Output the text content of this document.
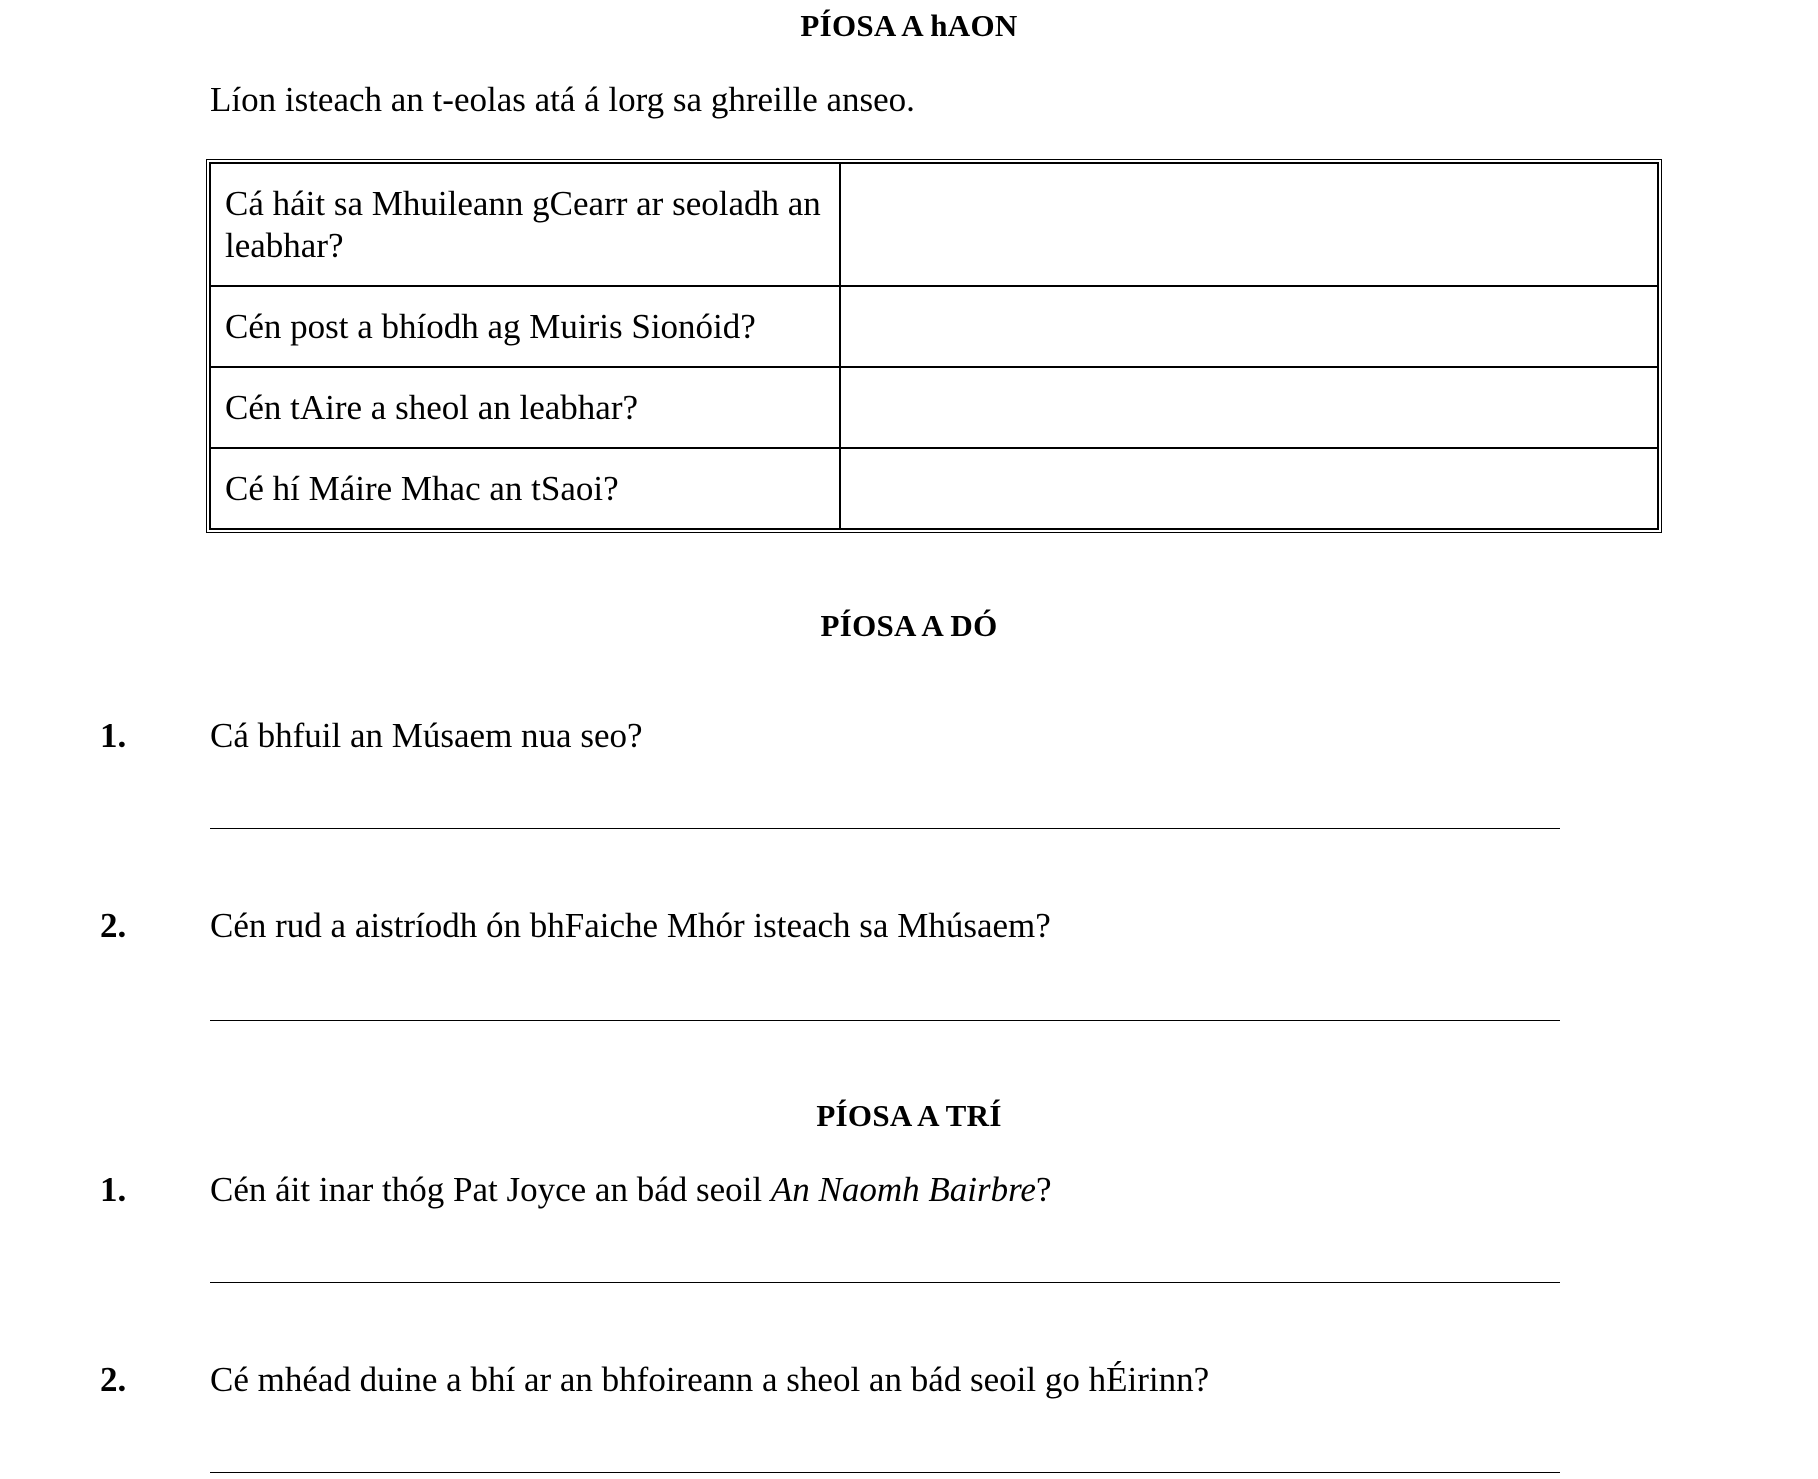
PÍOSA A hAON
Líon isteach an t-eolas atá á lorg sa ghreille anseo.
Cá háit sa Mhuileann gCearr ar seoladh an leabhar?	
Cén post a bhíodh ag Muiris Sionóid?	
Cén tAire a sheol an leabhar?	
Cé hí Máire Mhac an tSaoi?	
PÍOSA A DÓ
1. Cá bhfuil an Músaem nua seo?
2. Cén rud a aistríodh ón bhFaiche Mhór isteach sa Mhúsaem?
PÍOSA A TRÍ
1. Cén áit inar thóg Pat Joyce an bád seoil An Naomh Bairbre?
2. Cé mhéad duine a bhí ar an bhfoireann a sheol an bád seoil go hÉirinn?
